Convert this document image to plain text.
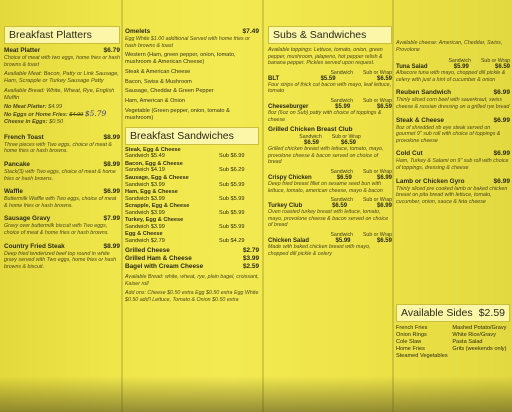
Breakfast Platters
Meat Platter	$6.79
Choice of meat with two eggs, home fries or hash browns & toast
Available Meat: Bacon, Patty or Link Sausage, Ham, Scrapple or Turkey Sausage Patty
Available Bread: White, Wheat, Rye, English Muffin
No Meat Platter: $4.99
No Eggs or Home Fries: $4.99 $5.79
Cheese in Eggs: $0.50
French Toast	$8.99
Three pieces with Two eggs, choice of meat & home fries or hash browns.
Pancake	$8.99
Stack(3) with Two eggs, choice of meat & home fries or hash browns.
Waffle	$6.99
Buttermilk Waffle with Two eggs, choice of meat & home fries or hash browns.
Sausage Gravy	$7.99
Gravy over buttermilk biscuit with Two eggs, choice of meat & home fries or hash browns.
Country Fried Steak	$8.99
Deep fried tenderized beef top round in white gravy served with Two eggs, home fries or hash browns & biscuit.
Omelets	$7.49
Egg White $1.00 additional Served with home fries or hash browns & toast
Western (Ham, green pepper, onion, tomato, mushroom & American Cheese)
Steak & American Cheese
Bacon, Swiss & Mushroom
Sausage, Cheddar & Green Pepper
Ham, American & Onion
Vegetable (Green pepper, onion, tomato & mushroom)
Breakfast Sandwiches
Steak, Egg & Cheese
Sandwich $5.49	Sub $6.99
Bacon, Egg & Cheese
Sandwich $4.19	Sub $6.29
Sausage, Egg & Cheese
Sandwich $3.99	Sub $5.99
Ham, Egg & Cheese
Sandwich $3.99	Sub $5.99
Scrapple, Egg & Cheese
Sandwich $3.99	Sub $5.99
Turkey, Egg & Cheese
Sandwich $3.99	Sub $5.99
Egg & Cheese
Sandwich $2.79	Sub $4.29
Grilled Cheese	$2.79
Grilled Ham & Cheese	$3.99
Bagel with Cream Cheese	$2.59
Available Bread: white, wheat, rye, plain bagel, croissant, Kaiser roll
Add ons: Cheese $0.50 extra Egg $0.50 extra Egg White $0.50 add'l Lettuce, Tomato & Onion $0.50 extra
Subs & Sandwiches
Available toppings: Lettuce, tomato, onion, green pepper, mushroom, jalapeno, hot pepper relish & banana pepper. Pickles served upon request.
Sandwich Sub or Wrap
BLT	$5.59	$6.59
Four strips of thick cut bacon with mayo, leaf lettuce, tomato
Sandwich Sub or Wrap
Cheeseburger	$5.99	$6.59
8oz (6oz on Sub) patty with choice of toppings & cheese
Grilled Chicken Breast Club
Sandwich Sub or Wrap
$6.59	$6.59
Grilled chicken breast with lettuce, tomato, mayo, provolone cheese & bacon served on choice of bread
Sandwich Sub or Wrap
Crispy Chicken	$6.59	$6.99
Deep fried breast fillet on sesame seed bun with lettuce, tomato, american cheese, mayo & bacon
Sandwich Sub or Wrap
Turkey Club	$6.59	$6.99
Oven roasted turkey breast with lettuce, tomato, mayo, provolone cheese & bacon served on choice of bread
Sandwich Sub or Wrap
Chicken Salad	$5.99	$6.59
Made with baked chicken breast with mayo, chopped dill pickle & celery
Available cheese: American, Cheddar, Swiss, Provolone
Sandwich Sub or Wrap
Tuna Salad	$5.99	$6.59
Albacore tuna with mayo, chopped dill pickle & celery with just a hint of cucumber & onion
Reuben Sandwich	$6.99
Thinly sliced corn beef with sauerkraut, swiss cheese & russian dressing on a grilled rye bread
Steak & Cheese	$6.99
8oz of shredded rib eye steak served on gourmet 9" sub roll with choice of toppings & provolone cheese
Cold Cut	$6.99
Ham, Turkey & Salami on 9" sub roll with choice of toppings, dressing & cheese
Lamb or Chicken Gyro	$6.99
Thinly sliced pre cooked lamb or baked chicken breast on pita bread with lettuce, tomato, cucumber, onion, sauce & feta cheese
Available Sides $2.59
French Fries	Mashed Potato/Gravy
Onion Rings	White Rice/Gravy
Cole Slaw	Pasta Salad
Home Fries	Grits (weekends only)
Steamed Vegetables
